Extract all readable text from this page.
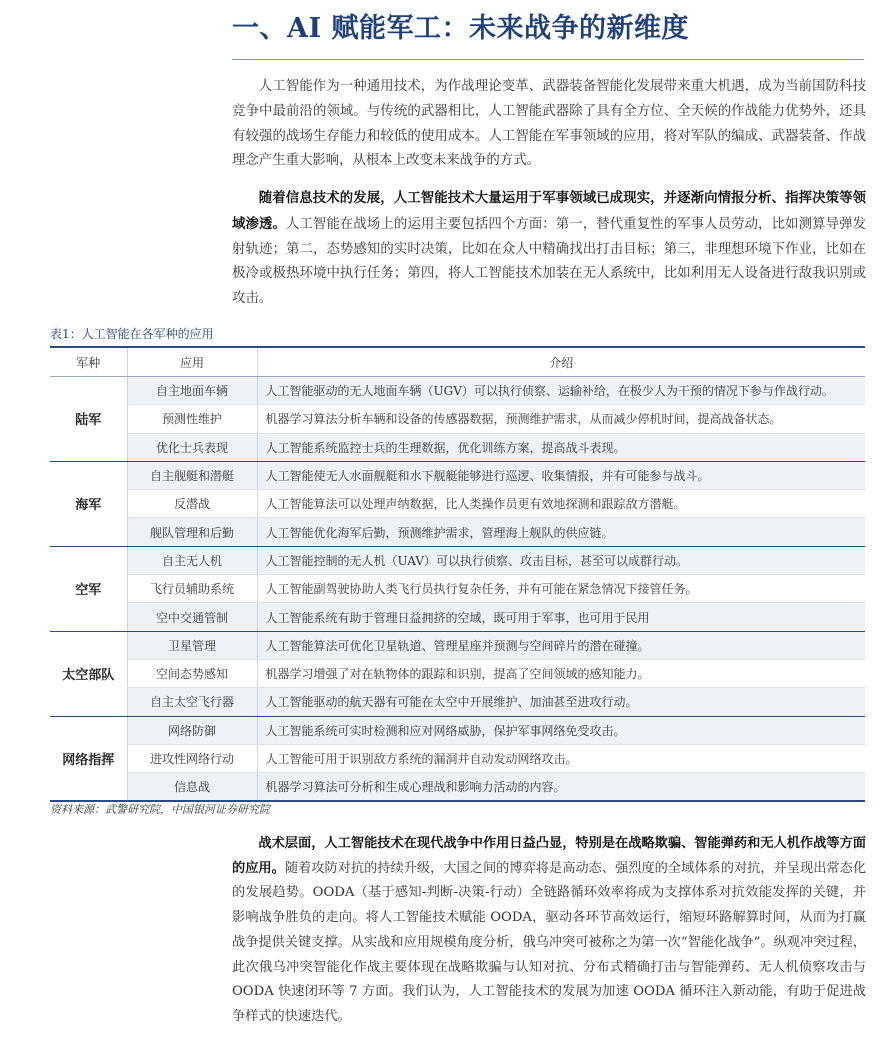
一、AI 赋能军工：未来战争的新维度

人工智能作为一种通用技术，为作战理论变革、武器装备智能化发展带来重大机遇，成为当前国防科技竞争中最前沿的领域。与传统的武器相比，人工智能武器除了具有全方位、全天候的作战能力优势外，还具有较强的战场生存能力和较低的使用成本。人工智能在军事领域的应用，将对军队的编成、武器装备、作战理念产生重大影响，从根本上改变未来战争的方式。

随着信息技术的发展，人工智能技术大量运用于军事领域已成现实，并逐渐向情报分析、指挥决策等领域渗透。人工智能在战场上的运用主要包括四个方面：第一，替代重复性的军事人员劳动，比如测算导弹发射轨迹；第二，态势感知的实时决策，比如在众人中精确找出打击目标；第三，非理想环境下作业，比如在极冷或极热环境中执行任务；第四，将人工智能技术加装在无人系统中，比如利用无人设备进行敌我识别或攻击。

表1：人工智能在各军种的应用
军种	应用	介绍
陆军	自主地面车辆	人工智能驱动的无人地面车辆（UGV）可以执行侦察、运输补给，在极少人为干预的情况下参与作战行动。
	预测性维护	机器学习算法分析车辆和设备的传感器数据，预测维护需求，从而减少停机时间，提高战备状态。
	优化士兵表现	人工智能系统监控士兵的生理数据，优化训练方案，提高战斗表现。
海军	自主舰艇和潜艇	人工智能使无人水面舰艇和水下舰艇能够进行巡逻、收集情报，并有可能参与战斗。
	反潜战	人工智能算法可以处理声纳数据，比人类操作员更有效地探测和跟踪敌方潜艇。
	舰队管理和后勤	人工智能优化海军后勤，预测维护需求，管理海上舰队的供应链。
空军	自主无人机	人工智能控制的无人机（UAV）可以执行侦察、攻击目标，甚至可以成群行动。
	飞行员辅助系统	人工智能副驾驶协助人类飞行员执行复杂任务，并有可能在紧急情况下接管任务。
	空中交通管制	人工智能系统有助于管理日益拥挤的空域，既可用于军事，也可用于民用
太空部队	卫星管理	人工智能算法可优化卫星轨道、管理星座并预测与空间碎片的潜在碰撞。
	空间态势感知	机器学习增强了对在轨物体的跟踪和识别，提高了空间领域的感知能力。
	自主太空飞行器	人工智能驱动的航天器有可能在太空中开展维护、加油甚至进攻行动。
网络指挥	网络防御	人工智能系统可实时检测和应对网络威胁，保护军事网络免受攻击。
	进攻性网络行动	人工智能可用于识别敌方系统的漏洞并自动发动网络攻击。
	信息战	机器学习算法可分析和生成心理战和影响力活动的内容。
资料来源：武警研究院，中国银河证券研究院

战术层面，人工智能技术在现代战争中作用日益凸显，特别是在战略欺骗、智能弹药和无人机作战等方面的应用。随着攻防对抗的持续升级，大国之间的博弈将是高动态、强烈度的全域体系的对抗，并呈现出常态化的发展趋势。OODA（基于感知-判断-决策-行动）全链路循环效率将成为支撑体系对抗效能发挥的关键，并影响战争胜负的走向。将人工智能技术赋能 OODA，驱动各环节高效运行，缩短环路解算时间，从而为打赢战争提供关键支撑。从实战和应用规模角度分析，俄乌冲突可被称之为第一次“智能化战争”。纵观冲突过程，此次俄乌冲突智能化作战主要体现在战略欺骗与认知对抗、分布式精确打击与智能弹药、无人机侦察攻击与 OODA 快速闭环等 7 方面。我们认为，人工智能技术的发展为加速 OODA 循环注入新动能，有助于促进战争样式的快速迭代。
